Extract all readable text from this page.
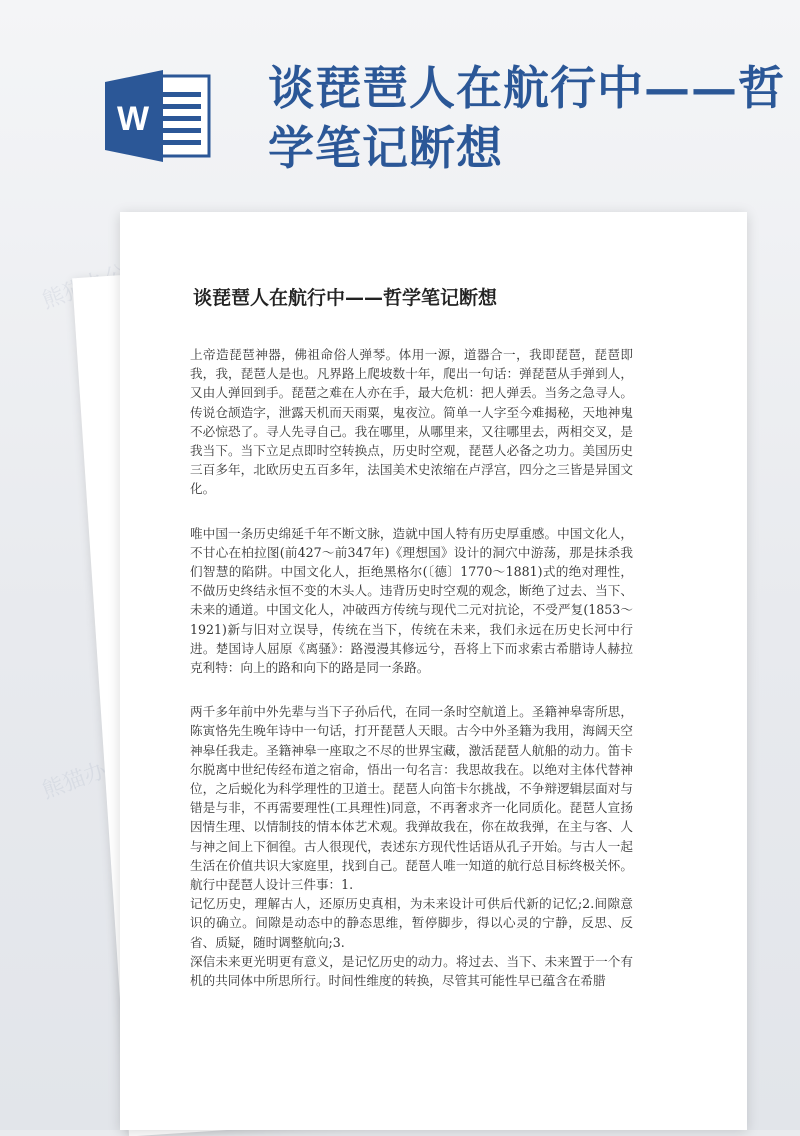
W
谈琵琶人在航行中——哲学笔记断想
谈琵琶人在航行中——哲学笔记断想

上帝造琵琶神器，佛祖命俗人弹琴。体用一源，道器合一，我即琵琶，琵琶即我，我，琵琶人是也。凡界路上爬坡数十年，爬出一句话：弹琵琶从手弹到人，又由人弹回到手。琵琶之难在人亦在手，最大危机：把人弹丢。当务之急寻人。传说仓颉造字，泄露天机而天雨粟，鬼夜泣。简单一人字至今难揭秘，天地神鬼不必惊恐了。寻人先寻自己。我在哪里，从哪里来，又往哪里去，两相交叉，是我当下。当下立足点即时空转换点，历史时空观，琵琶人必备之功力。美国历史三百多年，北欧历史五百多年，法国美术史浓缩在卢浮宫，四分之三皆是异国文化。

唯中国一条历史绵延千年不断文脉，造就中国人特有历史厚重感。中国文化人，不甘心在柏拉图(前427～前347年)《理想国》设计的洞穴中游荡，那是抹杀我们智慧的陷阱。中国文化人，拒绝黑格尔(〔德〕1770～1881)式的绝对理性，不做历史终结永恒不变的木头人。违背历史时空观的观念，断绝了过去、当下、未来的通道。中国文化人，冲破西方传统与现代二元对抗论，不受严复(1853～1921)新与旧对立误导，传统在当下，传统在未来，我们永远在历史长河中行进。楚国诗人屈原《离骚》：路漫漫其修远兮，吾将上下而求索古希腊诗人赫拉克利特：向上的路和向下的路是同一条路。

两千多年前中外先辈与当下子孙后代，在同一条时空航道上。圣籍神皋寄所思，陈寅恪先生晚年诗中一句话，打开琵琶人天眼。古今中外圣籍为我用，海阔天空神皋任我走。圣籍神皋一座取之不尽的世界宝藏，激活琵琶人航船的动力。笛卡尔脱离中世纪传经布道之宿命，悟出一句名言：我思故我在。以绝对主体代替神位，之后蜕化为科学理性的卫道士。琵琶人向笛卡尔挑战，不争辩逻辑层面对与错是与非，不再需要理性(工具理性)同意，不再奢求齐一化同质化。琵琶人宣扬因情生理、以情制技的情本体艺术观。我弹故我在，你在故我弹，在主与客、人与神之间上下徊徨。古人很现代，表述东方现代性话语从孔子开始。与古人一起生活在价值共识大家庭里，找到自己。琵琶人唯一知道的航行总目标终极关怀。航行中琵琶人设计三件事：1.

记忆历史，理解古人，还原历史真相，为未来设计可供后代新的记忆;2.间隙意识的确立。间隙是动态中的静态思维，暂停脚步，得以心灵的宁静，反思、反省、质疑，随时调整航向;3.

深信未来更光明更有意义，是记忆历史的动力。将过去、当下、未来置于一个有机的共同体中所思所行。时间性维度的转换，尽管其可能性早已蕴含在希腊
